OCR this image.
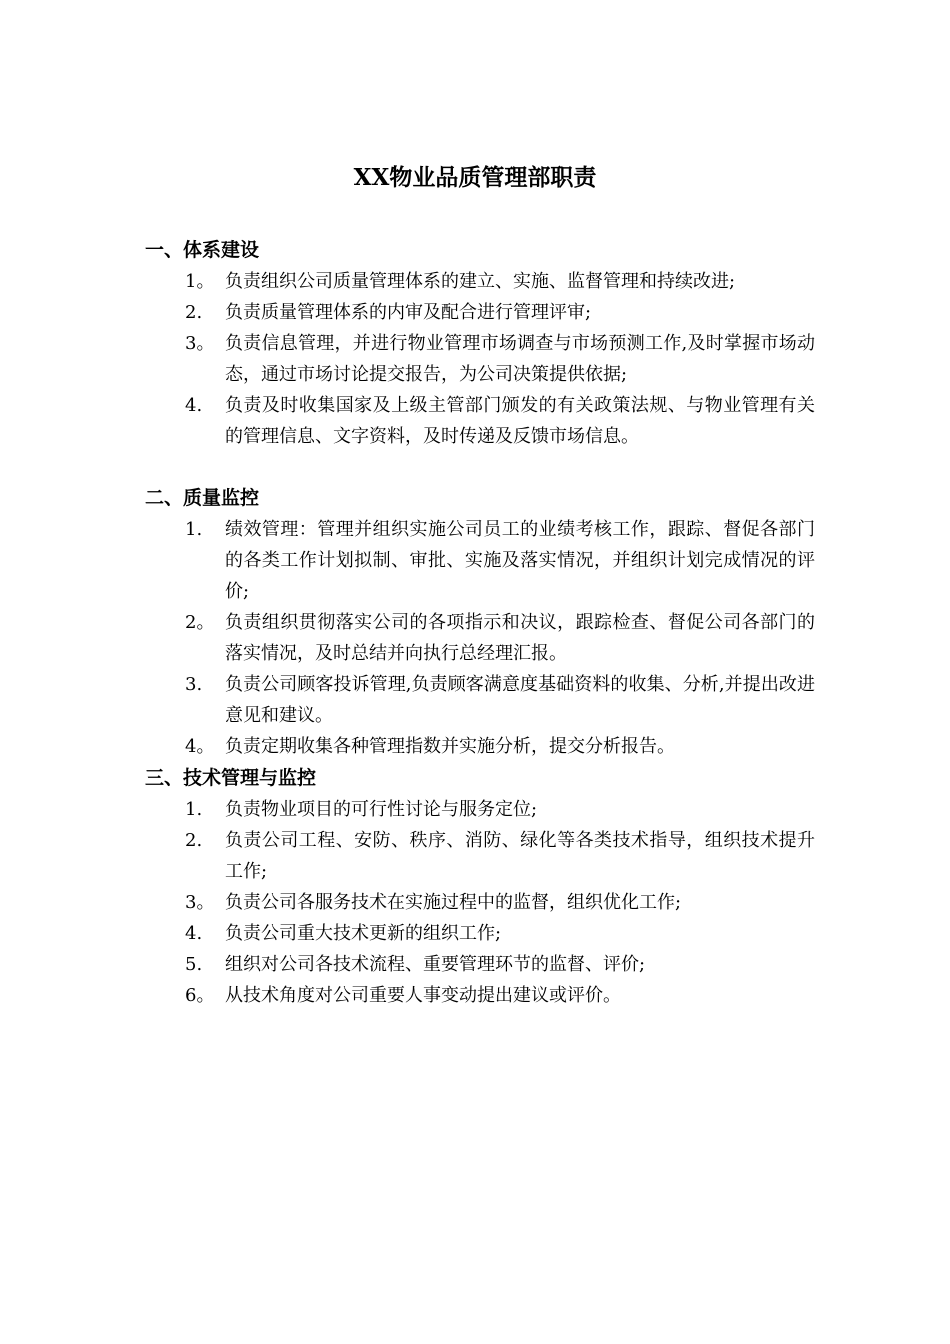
XX物业品质管理部职责
一、体系建设
1。 负责组织公司质量管理体系的建立、实施、监督管理和持续改进;
2.	负责质量管理体系的内审及配合进行管理评审;
3。 负责信息管理，并进行物业管理市场调查与市场预测工作,及时掌握市场动态，通过市场讨论提交报告，为公司决策提供依据;
4.	负责及时收集国家及上级主管部门颁发的有关政策法规、与物业管理有关的管理信息、文字资料，及时传递及反馈市场信息。
二、质量监控
1.	绩效管理：管理并组织实施公司员工的业绩考核工作，跟踪、督促各部门的各类工作计划拟制、审批、实施及落实情况，并组织计划完成情况的评价;
2。 负责组织贯彻落实公司的各项指示和决议，跟踪检查、督促公司各部门的落实情况，及时总结并向执行总经理汇报。
3.	负责公司顾客投诉管理,负责顾客满意度基础资料的收集、分析,并提出改进意见和建议。
4。 负责定期收集各种管理指数并实施分析，提交分析报告。
三、技术管理与监控
1.	负责物业项目的可行性讨论与服务定位;
2.	负责公司工程、安防、秩序、消防、绿化等各类技术指导，组织技术提升工作;
3。 负责公司各服务技术在实施过程中的监督，组织优化工作;
4.	负责公司重大技术更新的组织工作;
5.	组织对公司各技术流程、重要管理环节的监督、评价;
6。 从技术角度对公司重要人事变动提出建议或评价。
